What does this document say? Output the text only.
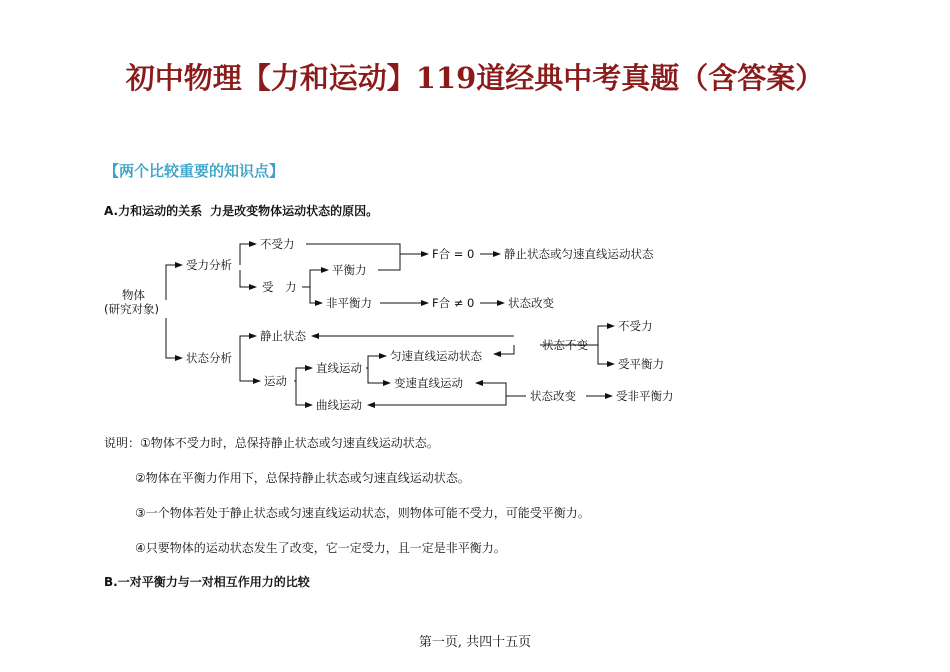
初中物理【力和运动】119道经典中考真题（含答案）
【两个比较重要的知识点】
A.力和运动的关系 力是改变物体运动状态的原因。
物体
(研究对象)
受力分析
不受力
受　力
平衡力
非平衡力
F合 = 0
F合 ≠ 0
静止状态或匀速直线运动状态
状态改变
状态分析
静止状态
运动
直线运动
曲线运动
匀速直线运动状态
变速直线运动
状态不变
状态改变
不受力
受平衡力
受非平衡力

说明：①物体不受力时，总保持静止状态或匀速直线运动状态。

②物体在平衡力作用下，总保持静止状态或匀速直线运动状态。

③一个物体若处于静止状态或匀速直线运动状态，则物体可能不受力，可能受平衡力。

④只要物体的运动状态发生了改变，它一定受力，且一定是非平衡力。

B.一对平衡力与一对相互作用力的比较
第一页, 共四十五页
